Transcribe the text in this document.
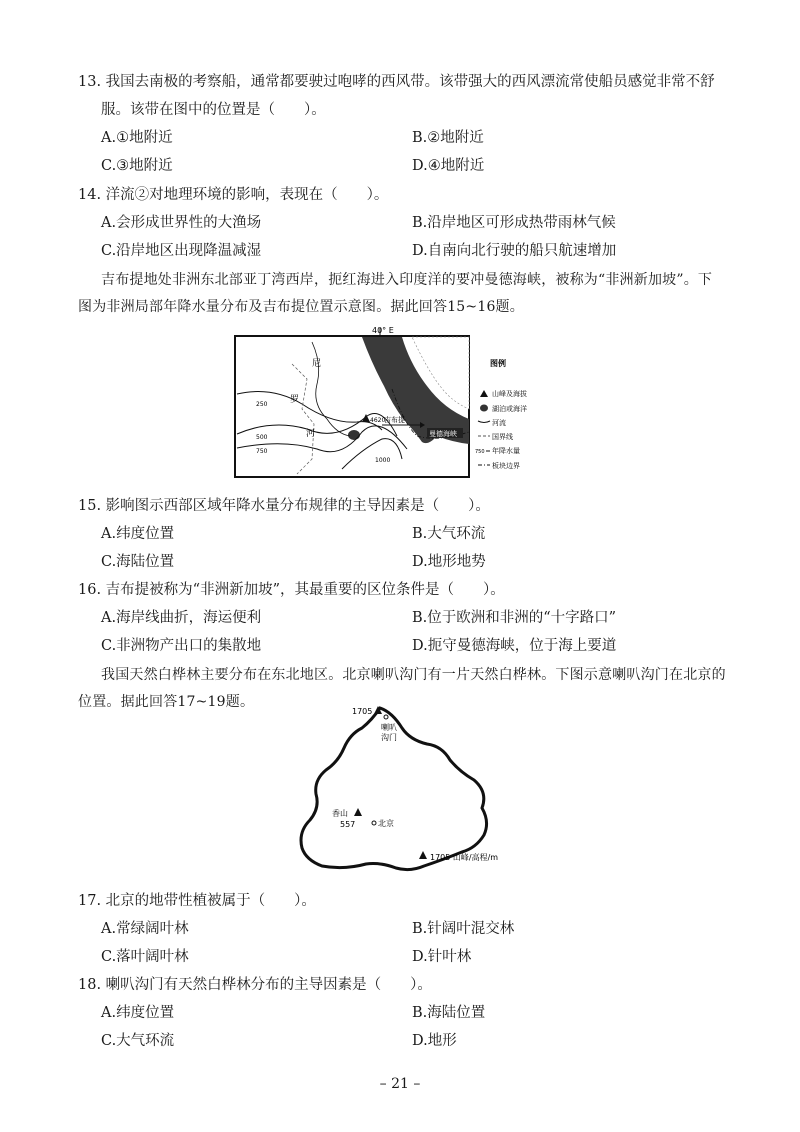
13. 我国去南极的考察船，通常都要驶过咆哮的西风带。该带强大的西风漂流常使船员感觉非常不舒
服。该带在图中的位置是（　　）。
A.①地附近	B.②地附近
C.③地附近	D.④地附近
14. 洋流②对地理环境的影响，表现在（　　）。
A.会形成世界性的大渔场	B.沿岸地区可形成热带雨林气候
C.沿岸地区出现降温减湿	D.自南向北行驶的船只航速增加
吉布提地处非洲东北部亚丁湾西岸，扼红海进入印度洋的要冲曼德海峡，被称为“非洲新加坡”。下
图为非洲局部年降水量分布及吉布提位置示意图。据此回答15~16题。
40° E
4620
吉布提
曼德海峡
尼
罗
河
250
500
750
1000
图例
山峰及海拔
湖泊或海洋
河流
国界线
750 年降水量
板块边界
15. 影响图示西部区域年降水量分布规律的主导因素是（　　）。
A.纬度位置	B.大气环流
C.海陆位置	D.地形地势
16. 吉布提被称为“非洲新加坡”，其最重要的区位条件是（　　）。
A.海岸线曲折，海运便利	B.位于欧洲和非洲的“十字路口”
C.非洲物产出口的集散地	D.扼守曼德海峡，位于海上要道
我国天然白桦林主要分布在东北地区。北京喇叭沟门有一片天然白桦林。下图示意喇叭沟门在北京的
位置。据此回答17~19题。
1705
喇叭
沟门
香山
557	北京
1705 山峰/高程/m
17. 北京的地带性植被属于（　　）。
A.常绿阔叶林	B.针阔叶混交林
C.落叶阔叶林	D.针叶林
18. 喇叭沟门有天然白桦林分布的主导因素是（　　）。
A.纬度位置	B.海陆位置
C.大气环流	D.地形
– 21 –
